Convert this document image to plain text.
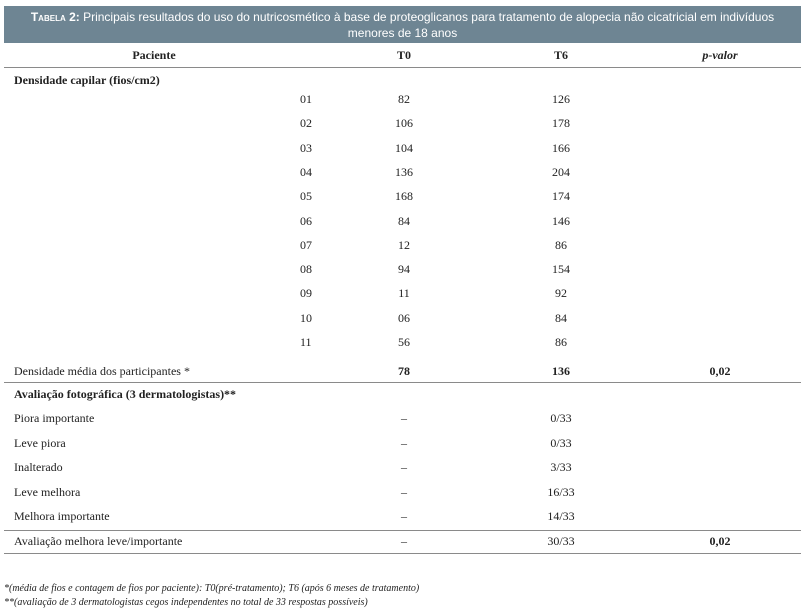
Tabela 2: Principais resultados do uso do nutricosmético à base de proteoglicanos para tratamento de alopecia não cicatricial em indivíduos
menores de 18 anos
Paciente	T0	T6	p-valor
Densidade capilar (fios/cm2)
01	82	126
02	106	178
03	104	166
04	136	204
05	168	174
06	84	146
07	12	86
08	94	154
09	11	92
10	06	84
11	56	86
Densidade média dos participantes *	78	136	0,02
Avaliação fotográfica (3 dermatologistas)**
Piora importante	–	0/33
Leve piora	–	0/33
Inalterado	–	3/33
Leve melhora	–	16/33
Melhora importante	–	14/33
Avaliação melhora leve/importante	–	30/33	0,02
*(média de fios e contagem de fios por paciente): T0(pré-tratamento); T6 (após 6 meses de tratamento)
**(avaliação de 3 dermatologistas cegos independentes no total de 33 respostas possíveis)
